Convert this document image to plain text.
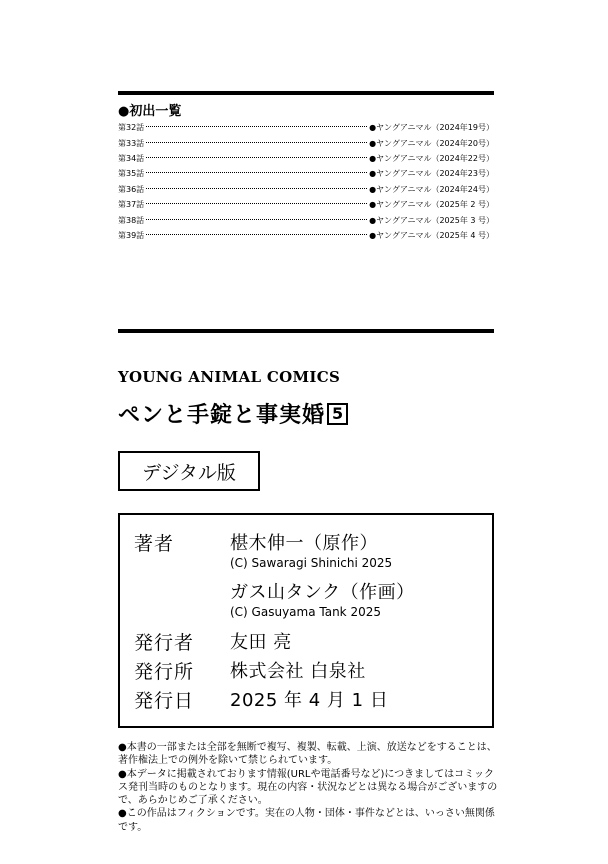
●初出一覧
第32話	●ヤングアニマル（2024年19号）
第33話	●ヤングアニマル（2024年20号）
第34話	●ヤングアニマル（2024年22号）
第35話	●ヤングアニマル（2024年23号）
第36話	●ヤングアニマル（2024年24号）
第37話	●ヤングアニマル（2025年 2 号）
第38話	●ヤングアニマル（2025年 3 号）
第39話	●ヤングアニマル（2025年 4 号）
YOUNG ANIMAL COMICS
ペンと手錠と事実婚 5
デジタル版
著者	椹木伸一（原作）
(C) Sawaragi Shinichi 2025
ガス山タンク（作画）
(C) Gasuyama Tank 2025
発行者 友田 亮
発行所 株式会社 白泉社
発行日 2025 年 4 月 1 日

●本書の一部または全部を無断で複写、複製、転載、上演、放送などをすることは、著作権法上での例外を除いて禁じられています。

●本データに掲載されております情報(URLや電話番号など)につきましてはコミックス発刊当時のものとなります。現在の内容・状況などとは異なる場合がございますので、あらかじめご了承ください。

●この作品はフィクションです。実在の人物・団体・事件などとは、いっさい無関係です。
